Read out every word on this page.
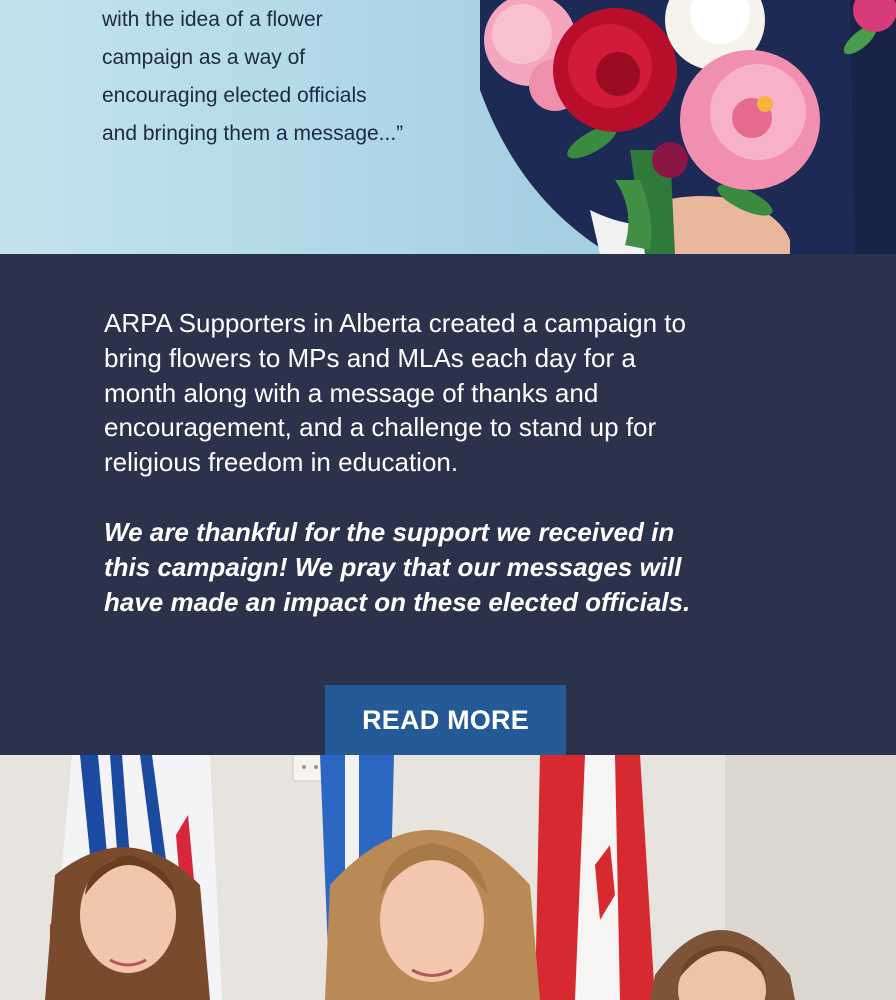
with the idea of a flower

campaign as a way of

encouraging elected officials

and bringing them a message...”

ARPA Supporters in Alberta created a campaign to

bring flowers to MPs and MLAs each day for a

month along with a message of thanks and

encouragement, and a challenge to stand up for

religious freedom in education.

We are thankful for the support we received in

this campaign! We pray that our messages will

have made an impact on these elected officials.

READ MORE
